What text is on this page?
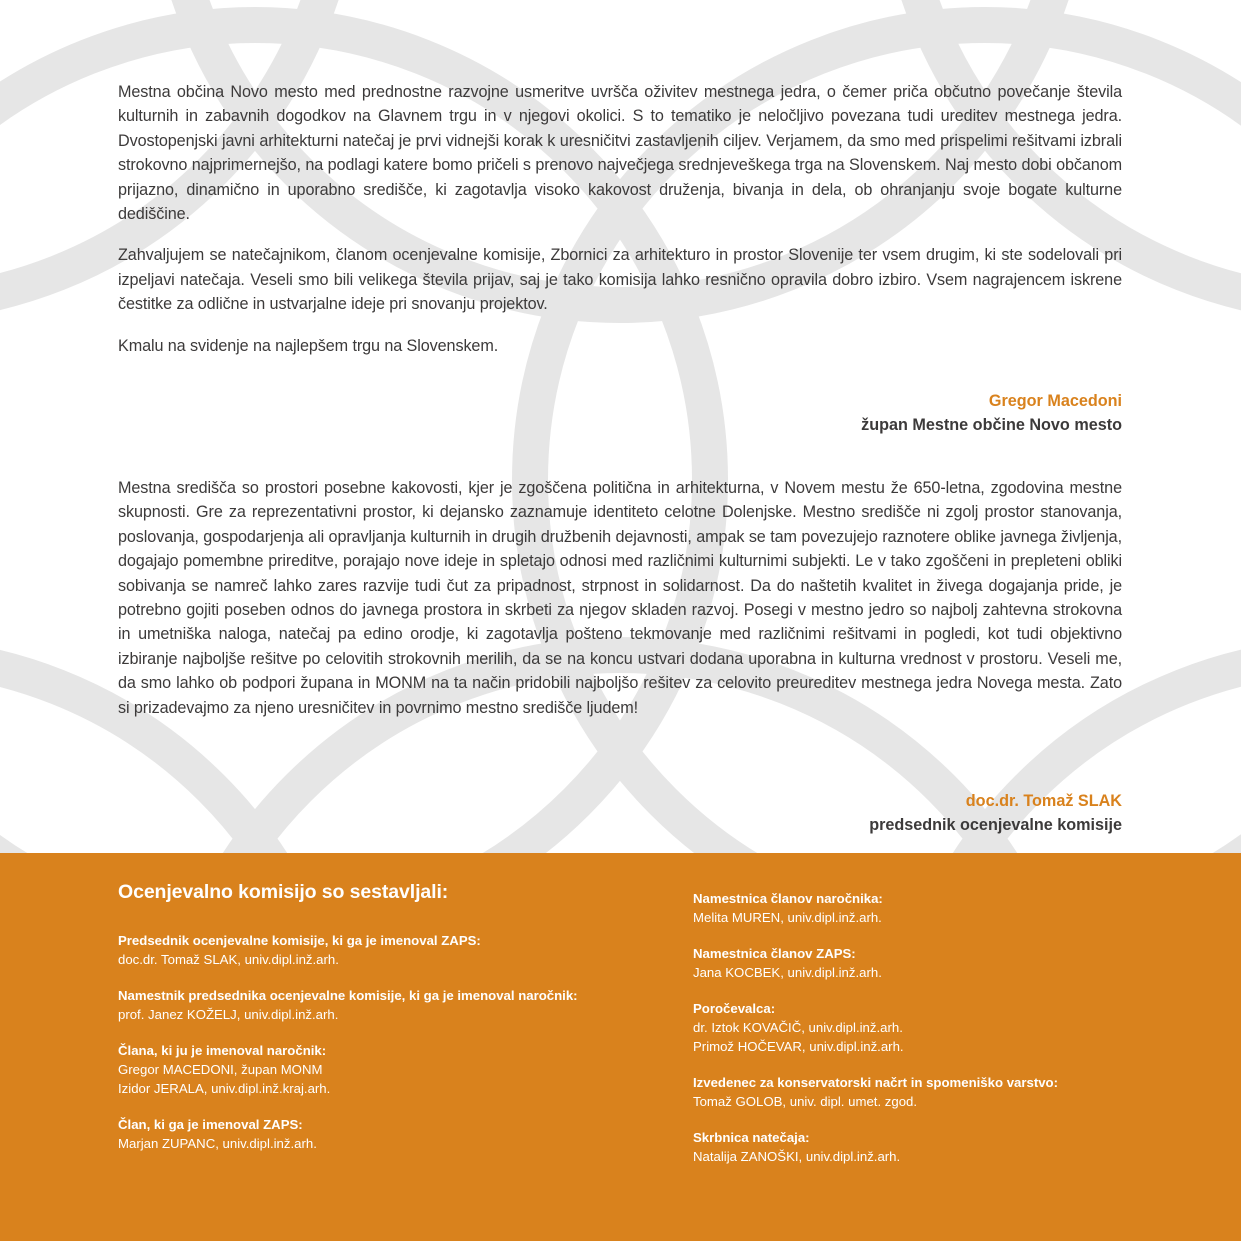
Mestna občina Novo mesto med prednostne razvojne usmeritve uvršča oživitev mestnega jedra, o čemer priča občutno povečanje števila kulturnih in zabavnih dogodkov na Glavnem trgu in v njegovi okolici. S to tematiko je neločljivo povezana tudi ureditev mestnega jedra. Dvostopenjski javni arhitekturni natečaj je prvi vidnejši korak k uresničitvi zastavljenih ciljev. Verjamem, da smo med prispelimi rešitvami izbrali strokovno najprimernejšo, na podlagi katere bomo pričeli s prenovo največjega srednjeveškega trga na Slovenskem. Naj mesto dobi občanom prijazno, dinamično in uporabno središče, ki zagotavlja visoko kakovost druženja, bivanja in dela, ob ohranjanju svoje bogate kulturne dediščine.

Zahvaljujem se natečajnikom, članom ocenjevalne komisije, Zbornici za arhitekturo in prostor Slovenije ter vsem drugim, ki ste sodelovali pri izpeljavi natečaja. Veseli smo bili velikega števila prijav, saj je tako komisija lahko resnično opravila dobro izbiro. Vsem nagrajencem iskrene čestitke za odlične in ustvarjalne ideje pri snovanju projektov.

Kmalu na svidenje na najlepšem trgu na Slovenskem.

Gregor Macedoni
župan Mestne občine Novo mesto

Mestna središča so prostori posebne kakovosti, kjer je zgoščena politična in arhitekturna, v Novem mestu že 650-letna, zgodovina mestne skupnosti. Gre za reprezentativni prostor, ki dejansko zaznamuje identiteto celotne Dolenjske. Mestno središče ni zgolj prostor stanovanja, poslovanja, gospodarjenja ali opravljanja kulturnih in drugih družbenih dejavnosti, ampak se tam povezujejo raznotere oblike javnega življenja, dogajajo pomembne prireditve, porajajo nove ideje in spletajo odnosi med različnimi kulturnimi subjekti. Le v tako zgoščeni in prepleteni obliki sobivanja se namreč lahko zares razvije tudi čut za pripadnost, strpnost in solidarnost. Da do naštetih kvalitet in živega dogajanja pride, je potrebno gojiti poseben odnos do javnega prostora in skrbeti za njegov skladen razvoj. Posegi v mestno jedro so najbolj zahtevna strokovna in umetniška naloga, natečaj pa edino orodje, ki zagotavlja pošteno tekmovanje med različnimi rešitvami in pogledi, kot tudi objektivno izbiranje najboljše rešitve po celovitih strokovnih merilih, da se na koncu ustvari dodana uporabna in kulturna vrednost v prostoru. Veseli me, da smo lahko ob podpori župana in MONM na ta način pridobili najboljšo rešitev za celovito preureditev mestnega jedra Novega mesta. Zato si prizadevajmo za njeno uresničitev in povrnimo mestno središče ljudem!

doc.dr. Tomaž SLAK
predsednik ocenjevalne komisije
Ocenjevalno komisijo so sestavljali:
Predsednik ocenjevalne komisije, ki ga je imenoval ZAPS:
doc.dr. Tomaž SLAK, univ.dipl.inž.arh.
Namestnik predsednika ocenjevalne komisije, ki ga je imenoval naročnik:
prof. Janez KOŽELJ, univ.dipl.inž.arh.
Člana, ki ju je imenoval naročnik:
Gregor MACEDONI, župan MONM
Izidor JERALA, univ.dipl.inž.kraj.arh.
Član, ki ga je imenoval ZAPS:
Marjan ZUPANC, univ.dipl.inž.arh.
Namestnica članov naročnika:
Melita MUREN, univ.dipl.inž.arh.
Namestnica članov ZAPS:
Jana KOCBEK, univ.dipl.inž.arh.
Poročevalca:
dr. Iztok KOVAČIČ, univ.dipl.inž.arh.
Primož HOČEVAR, univ.dipl.inž.arh.
Izvedenec za konservatorski načrt in spomeniško varstvo:
Tomaž GOLOB, univ. dipl. umet. zgod.
Skrbnica natečaja:
Natalija ZANOŠKI, univ.dipl.inž.arh.
